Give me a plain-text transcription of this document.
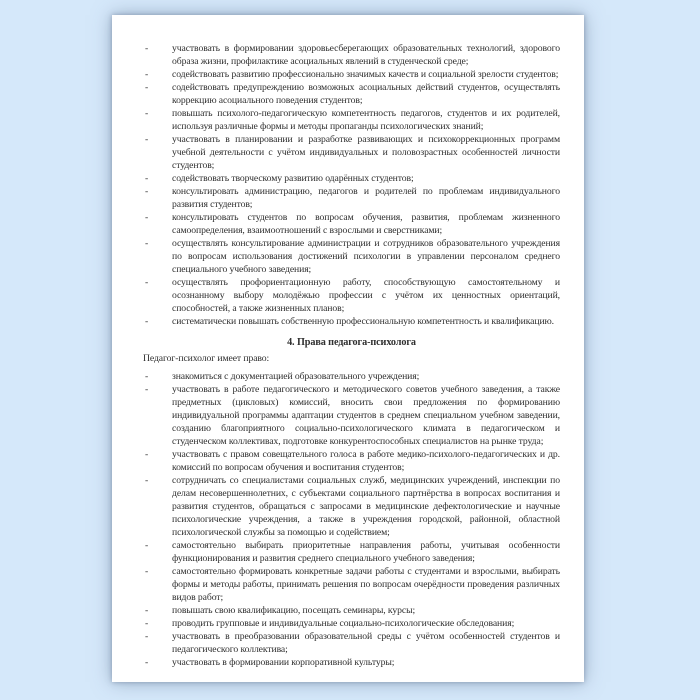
- участвовать в формировании здоровьесберегающих образовательных технологий, здорового образа жизни, профилактике асоциальных явлений в студенческой среде;
- содействовать развитию профессионально значимых качеств и социальной зрелости студентов;
- содействовать предупреждению возможных асоциальных действий студентов, осуществлять коррекцию асоциального поведения студентов;
- повышать психолого-педагогическую компетентность педагогов, студентов и их родителей, используя различные формы и методы пропаганды психологических знаний;
- участвовать в планировании и разработке развивающих и психокоррекционных программ учебной деятельности с учётом индивидуальных и половозрастных особенностей личности студентов;
- содействовать творческому развитию одарённых студентов;
- консультировать администрацию, педагогов и родителей по проблемам индивидуального развития студентов;
- консультировать студентов по вопросам обучения, развития, проблемам жизненного самоопределения, взаимоотношений с взрослыми и сверстниками;
- осуществлять консультирование администрации и сотрудников образовательного учреждения по вопросам использования достижений психологии в управлении персоналом среднего специального учебного заведения;
- осуществлять профориентационную работу, способствующую самостоятельному и осознанному выбору молодёжью профессии с учётом их ценностных ориентаций, способностей, а также жизненных планов;
- систематически повышать собственную профессиональную компетентность и квалификацию.
4. Права педагога-психолога

Педагог-психолог имеет право:

- знакомиться с документацией образовательного учреждения;
- участвовать в работе педагогического и методического советов учебного заведения, а также предметных (цикловых) комиссий, вносить свои предложения по формированию индивидуальной программы адаптации студентов в среднем специальном учебном заведении, созданию благоприятного социально-психологического климата в педагогическом и студенческом коллективах, подготовке конкурентоспособных специалистов на рынке труда;
- участвовать с правом совещательного голоса в работе медико-психолого-педагогических и др. комиссий по вопросам обучения и воспитания студентов;
- сотрудничать со специалистами социальных служб, медицинских учреждений, инспекции по делам несовершеннолетних, с субъектами социального партнёрства в вопросах воспитания и развития студентов, обращаться с запросами в медицинские дефектологические и научные психологические учреждения, а также в учреждения городской, районной, областной психологической службы за помощью и содействием;
- самостоятельно выбирать приоритетные направления работы, учитывая особенности функционирования и развития среднего специального учебного заведения;
- самостоятельно формировать конкретные задачи работы с студентами и взрослыми, выбирать формы и методы работы, принимать решения по вопросам очерёдности проведения различных видов работ;
- повышать свою квалификацию, посещать семинары, курсы;
- проводить групповые и индивидуальные социально-психологические обследования;
- участвовать в преобразовании образовательной среды с учётом особенностей студентов и педагогического коллектива;
- участвовать в формировании корпоративной культуры;
